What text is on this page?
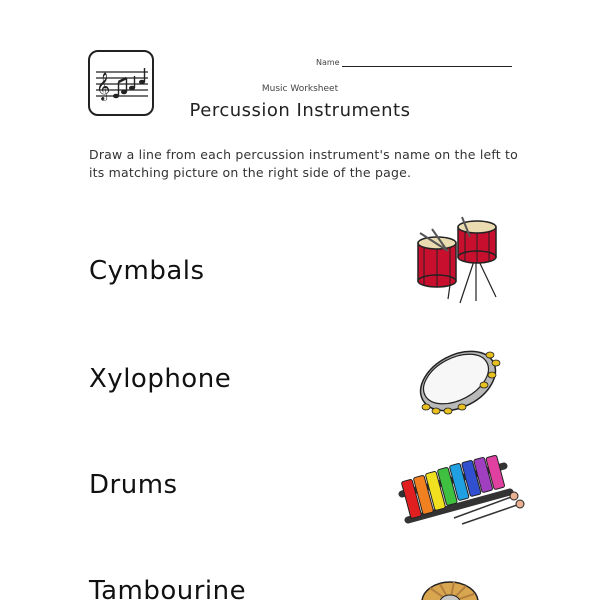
𝄞
Name
Music Worksheet
Percussion Instruments
Draw a line from each percussion instrument's name on the left to its matching picture on the right side of the page.
Cymbals
Xylophone
Drums
Tambourine
